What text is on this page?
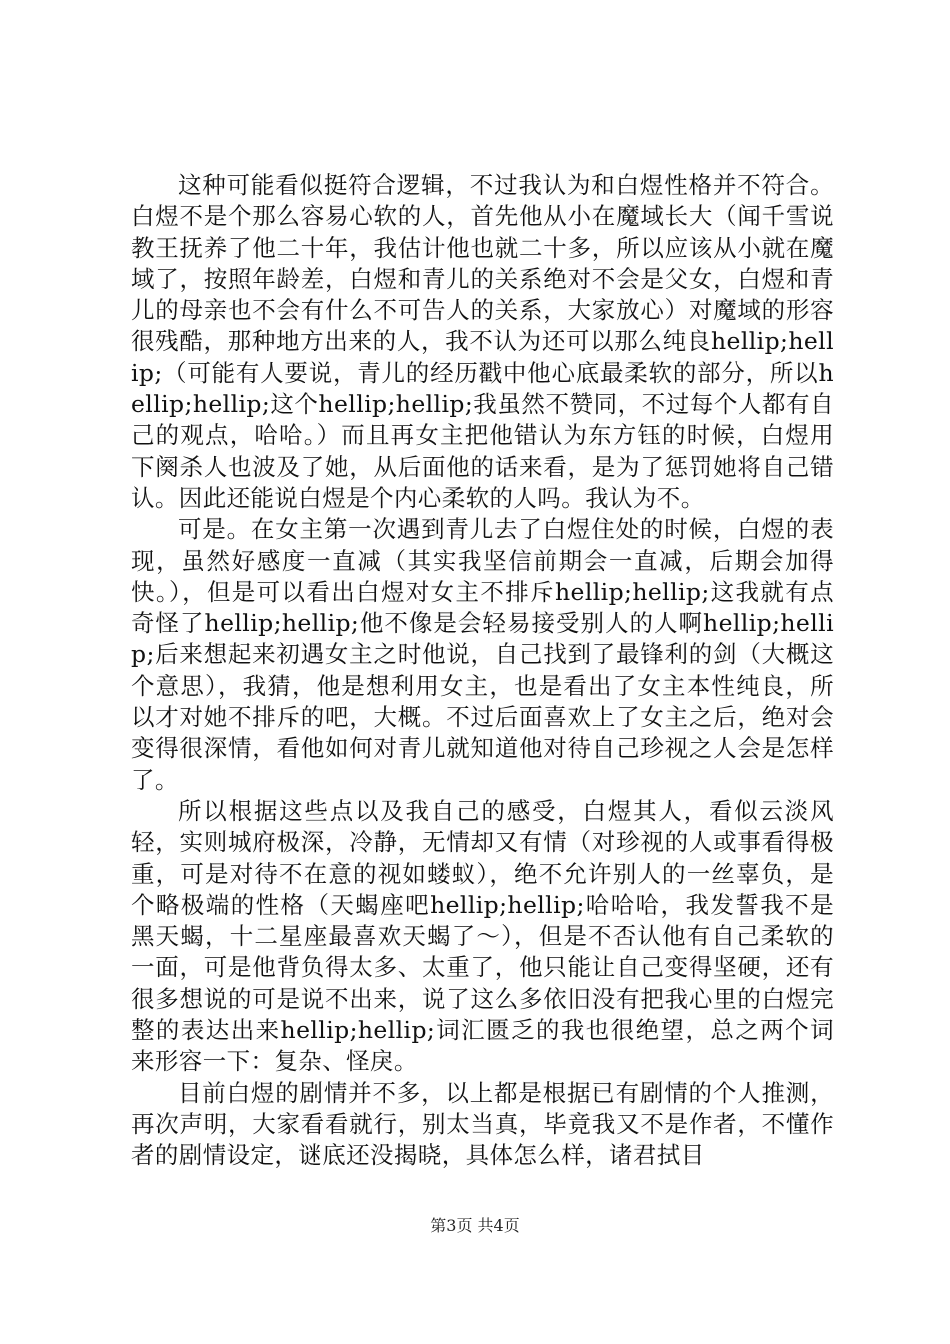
这种可能看似挺符合逻辑，不过我认为和白煜性格并不符合。白煜不是个那么容易心软的人，首先他从小在魔域长大（闻千雪说教王抚养了他二十年，我估计他也就二十多，所以应该从小就在魔域了，按照年龄差，白煜和青儿的关系绝对不会是父女，白煜和青儿的母亲也不会有什么不可告人的关系，大家放心）对魔域的形容很残酷，那种地方出来的人，我不认为还可以那么纯良hellip;hellip;（可能有人要说，青儿的经历戳中他心底最柔软的部分，所以hellip;hellip;这个hellip;hellip;我虽然不赞同，不过每个人都有自己的观点，哈哈。）而且再女主把他错认为东方钰的时候，白煜用下阕杀人也波及了她，从后面他的话来看，是为了惩罚她将自己错认。因此还能说白煜是个内心柔软的人吗。我认为不。

可是。在女主第一次遇到青儿去了白煜住处的时候，白煜的表现，虽然好感度一直减（其实我坚信前期会一直减，后期会加得快。），但是可以看出白煜对女主不排斥hellip;hellip;这我就有点奇怪了hellip;hellip;他不像是会轻易接受别人的人啊hellip;hellip;后来想起来初遇女主之时他说，自己找到了最锋利的剑（大概这个意思），我猜，他是想利用女主，也是看出了女主本性纯良，所以才对她不排斥的吧，大概。不过后面喜欢上了女主之后，绝对会变得很深情，看他如何对青儿就知道他对待自己珍视之人会是怎样了。

所以根据这些点以及我自己的感受，白煜其人，看似云淡风轻，实则城府极深，冷静，无情却又有情（对珍视的人或事看得极重，可是对待不在意的视如蝼蚁），绝不允许别人的一丝辜负，是个略极端的性格（天蝎座吧hellip;hellip;哈哈哈，我发誓我不是黑天蝎，十二星座最喜欢天蝎了～），但是不否认他有自己柔软的一面，可是他背负得太多、太重了，他只能让自己变得坚硬，还有很多想说的可是说不出来，说了这么多依旧没有把我心里的白煜完整的表达出来hellip;hellip;词汇匮乏的我也很绝望，总之两个词来形容一下：复杂、怪戾。

目前白煜的剧情并不多，以上都是根据已有剧情的个人推测，再次声明，大家看看就行，别太当真，毕竟我又不是作者，不懂作者的剧情设定，谜底还没揭晓，具体怎么样，诸君拭目

第3页 共4页
